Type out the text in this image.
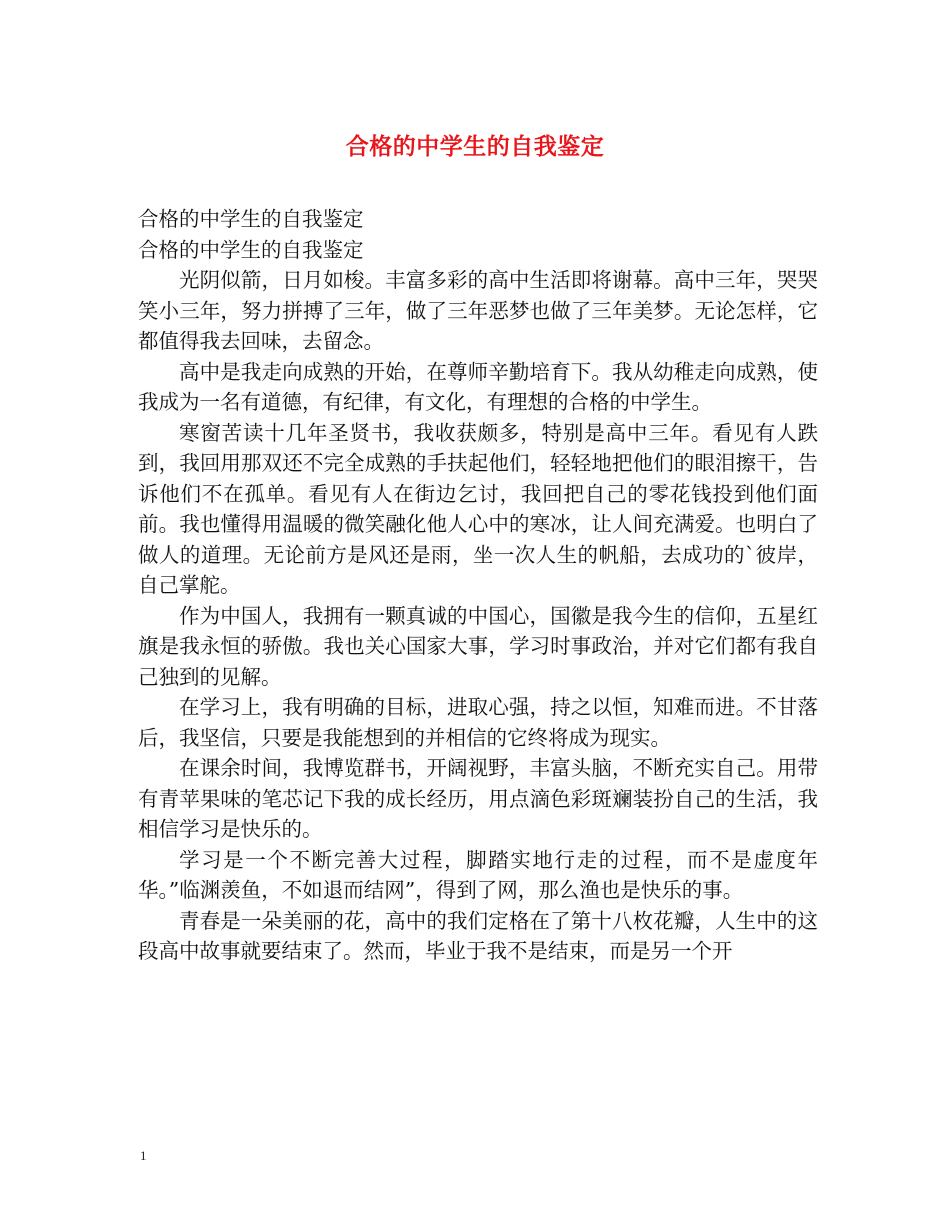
合格的中学生的自我鉴定

合格的中学生的自我鉴定

合格的中学生的自我鉴定

光阴似箭，日月如梭。丰富多彩的高中生活即将谢幕。高中三年，哭哭笑小三年，努力拼搏了三年，做了三年恶梦也做了三年美梦。无论怎样，它都值得我去回味，去留念。

高中是我走向成熟的开始，在尊师辛勤培育下。我从幼稚走向成熟，使我成为一名有道德，有纪律，有文化，有理想的合格的中学生。

寒窗苦读十几年圣贤书，我收获颇多，特别是高中三年。看见有人跌到，我回用那双还不完全成熟的手扶起他们，轻轻地把他们的眼泪擦干，告诉他们不在孤单。看见有人在街边乞讨，我回把自己的零花钱投到他们面前。我也懂得用温暖的微笑融化他人心中的寒冰，让人间充满爱。也明白了做人的道理。无论前方是风还是雨，坐一次人生的帆船，去成功的`彼岸，自己掌舵。

作为中国人，我拥有一颗真诚的中国心，国徽是我今生的信仰，五星红旗是我永恒的骄傲。我也关心国家大事，学习时事政治，并对它们都有我自己独到的见解。

在学习上，我有明确的目标，进取心强，持之以恒，知难而进。不甘落后，我坚信，只要是我能想到的并相信的它终将成为现实。

在课余时间，我博览群书，开阔视野，丰富头脑，不断充实自己。用带有青苹果味的笔芯记下我的成长经历，用点滴色彩斑斓装扮自己的生活，我相信学习是快乐的。

学习是一个不断完善大过程，脚踏实地行走的过程，而不是虚度年华。”临渊羡鱼，不如退而结网”，得到了网，那么渔也是快乐的事。

青春是一朵美丽的花，高中的我们定格在了第十八枚花瓣，人生中的这段高中故事就要结束了。然而，毕业于我不是结束，而是另一个开

1
